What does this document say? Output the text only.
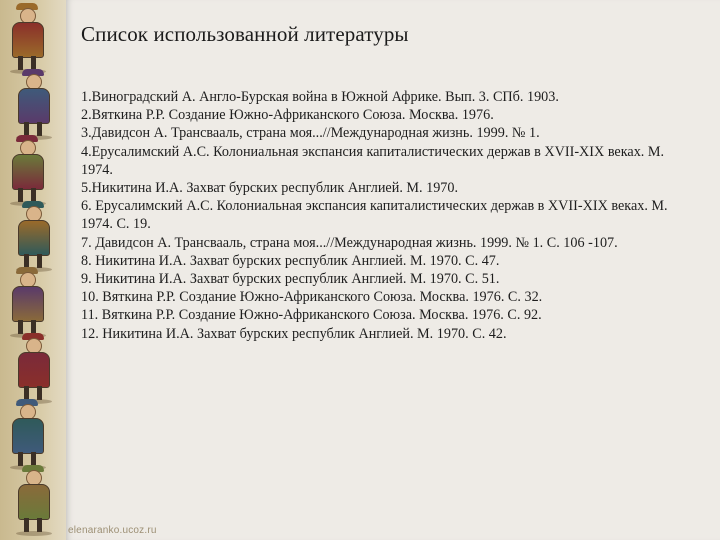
Список использованной литературы
1.Виноградский А. Англо-Бурская война в Южной Африке. Вып. 3. СПб. 1903.
2.Вяткина Р.Р. Создание Южно-Африканского Союза. Москва. 1976.
3.Давидсон А. Трансвааль, страна моя...//Международная жизнь. 1999. № 1.
4.Ерусалимский А.С. Колониальная экспансия капиталистических держав в XVII-XIX веках. М. 1974.
5.Никитина И.А. Захват бурских республик Англией. М. 1970.
6. Ерусалимский А.С. Колониальная экспансия капиталистических держав в XVII-XIX веках. М. 1974. С. 19.
7. Давидсон А. Трансвааль, страна моя...//Международная жизнь. 1999. № 1. С. 106 -107.
8. Никитина И.А. Захват бурских республик Англией. М. 1970. С. 47.
9. Никитина И.А. Захват бурских республик Англией. М. 1970. С. 51.
10. Вяткина Р.Р. Создание Южно-Африканского Союза. Москва. 1976. С. 32.
11. Вяткина Р.Р. Создание Южно-Африканского Союза. Москва. 1976. С. 92.
12. Никитина И.А. Захват бурских республик Англией. М. 1970. С. 42.
elenaranko.ucoz.ru
